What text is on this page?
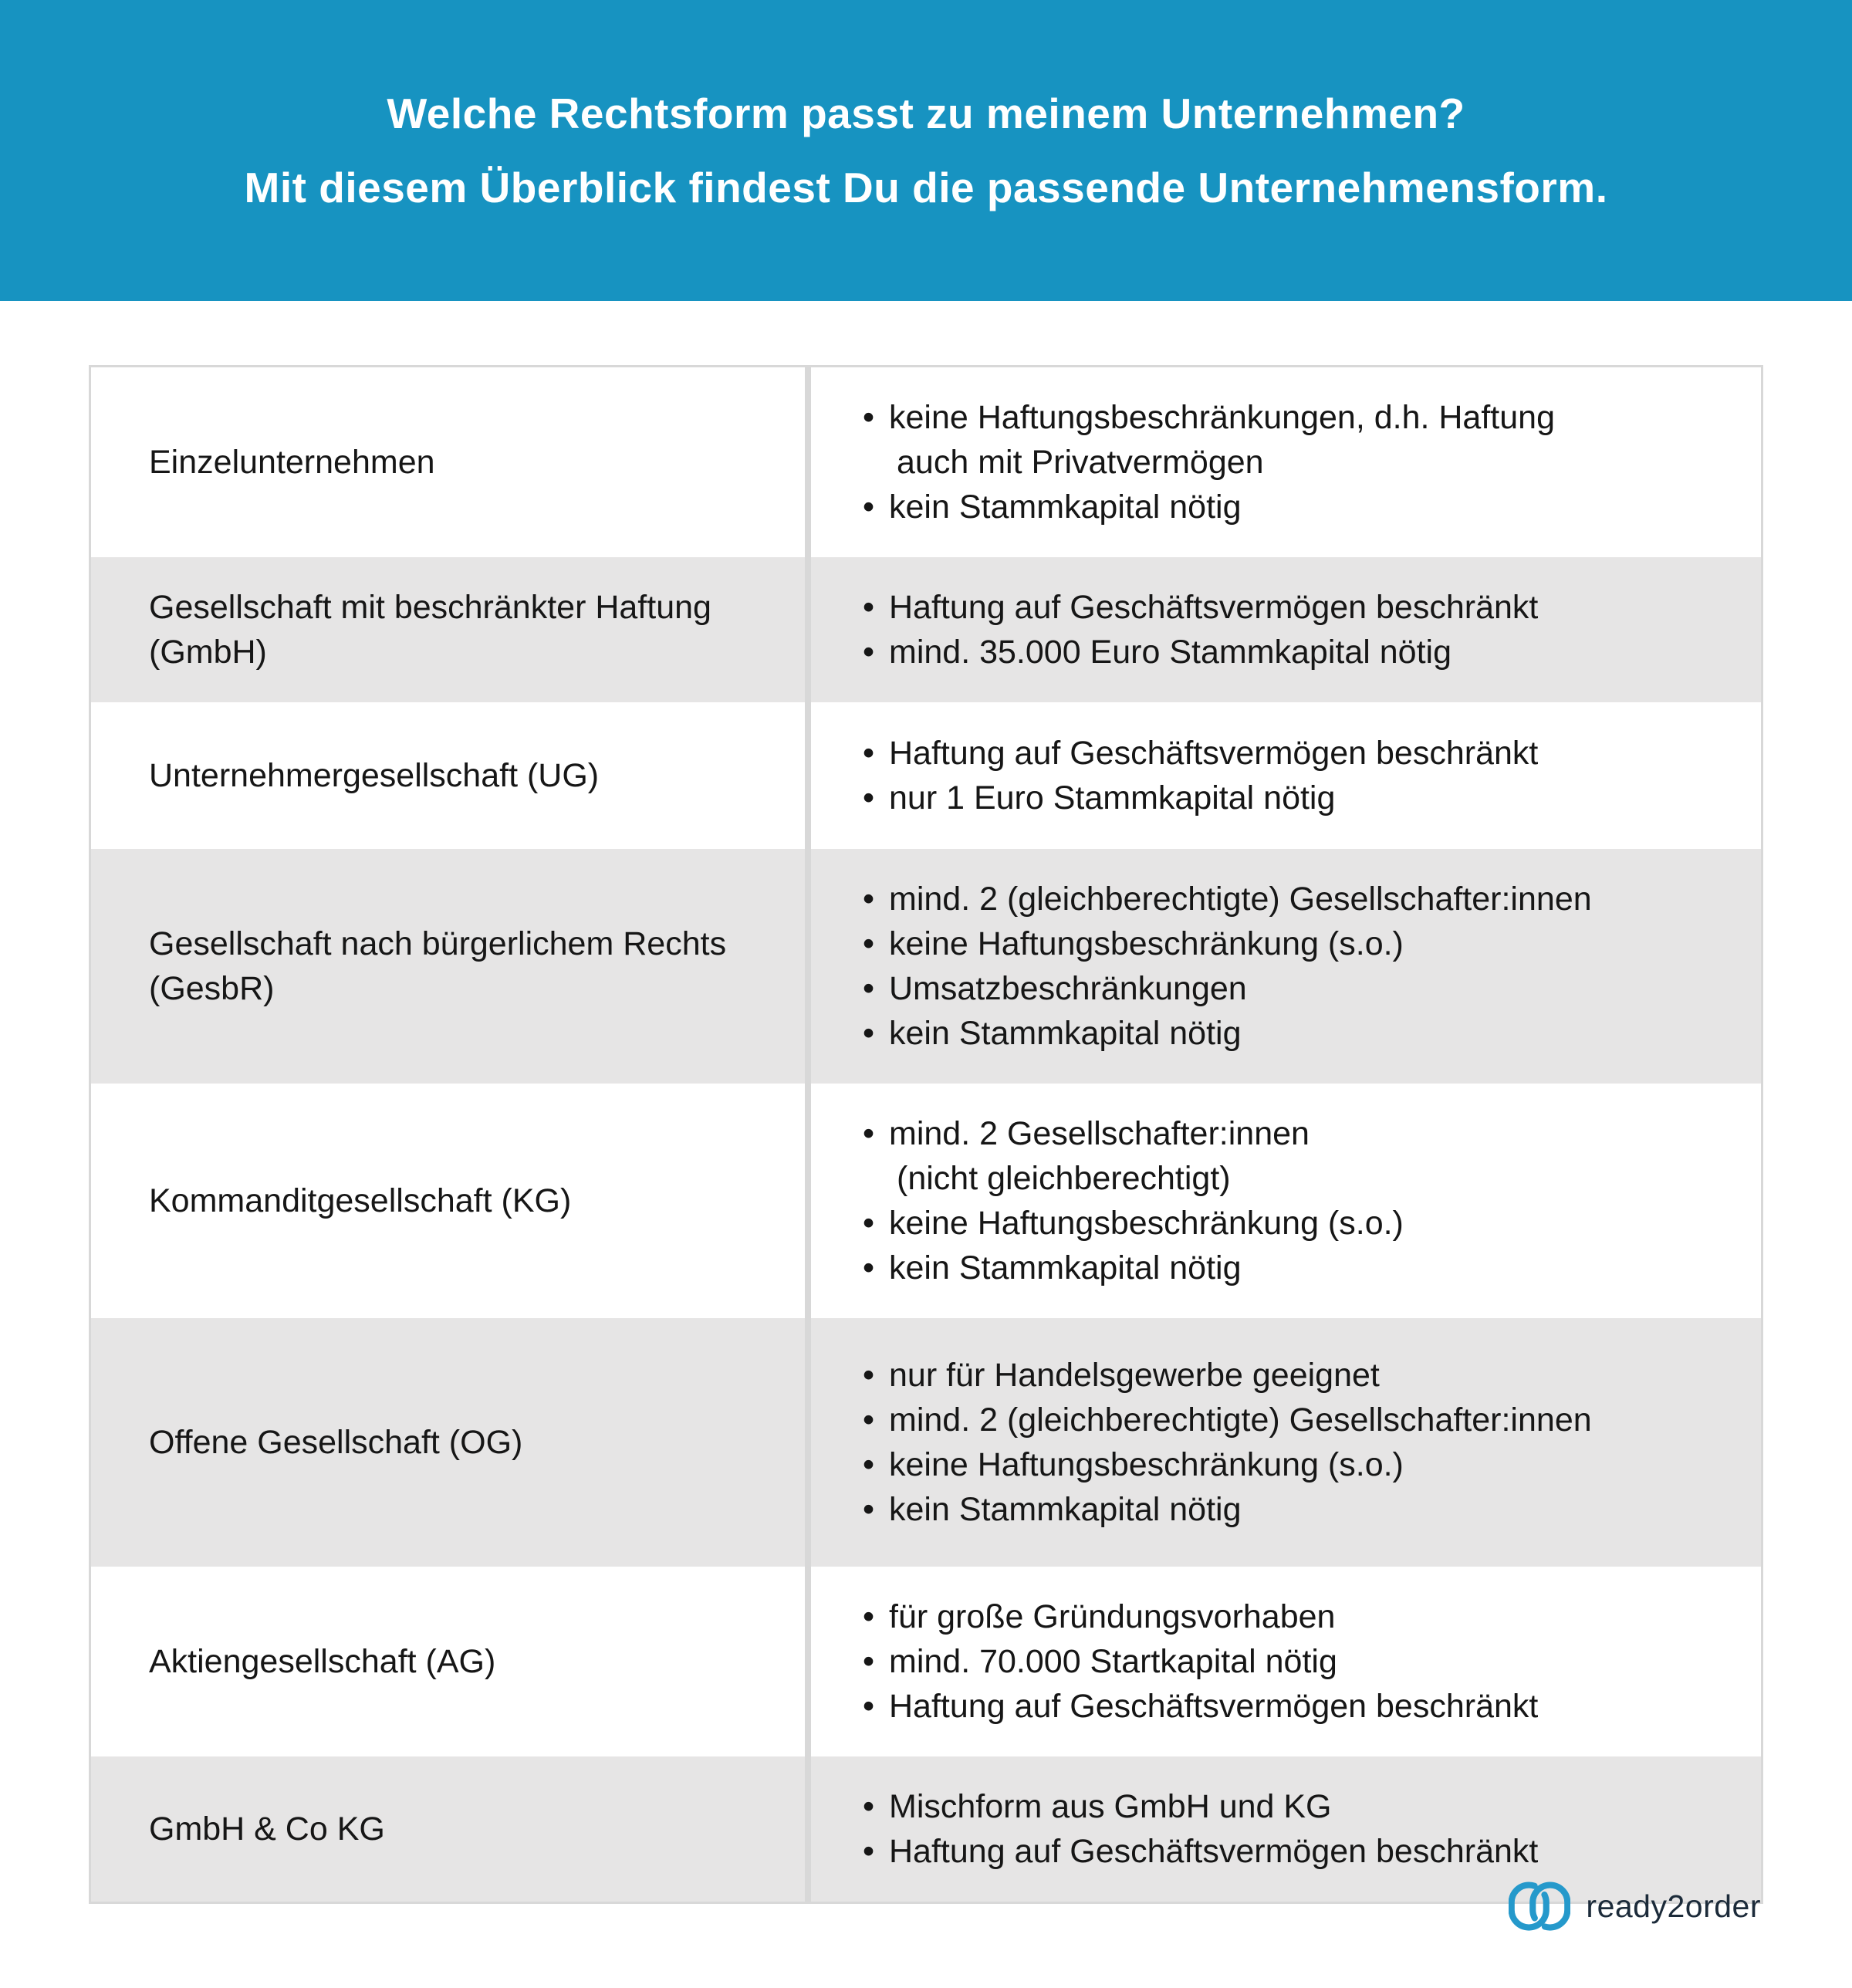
Welche Rechtsform passt zu meinem Unternehmen?
Mit diesem Überblick findest Du die passende Unternehmensform.
Einzelunternehmen
• keine Haftungsbeschränkungen, d.h. Haftung
auch mit Privatvermögen
• kein Stammkapital nötig
Gesellschaft mit beschränkter Haftung (GmbH)
• Haftung auf Geschäftsvermögen beschränkt
• mind. 35.000 Euro Stammkapital nötig
Unternehmergesellschaft (UG)
• Haftung auf Geschäftsvermögen beschränkt
• nur 1 Euro Stammkapital nötig
Gesellschaft nach bürgerlichem Rechts (GesbR)
• mind. 2 (gleichberechtigte) Gesellschafter:innen
• keine Haftungsbeschränkung (s.o.)
• Umsatzbeschränkungen
• kein Stammkapital nötig
Kommanditgesellschaft (KG)
• mind. 2 Gesellschafter:innen
(nicht gleichberechtigt)
• keine Haftungsbeschränkung (s.o.)
• kein Stammkapital nötig
Offene Gesellschaft (OG)
• nur für Handelsgewerbe geeignet
• mind. 2 (gleichberechtigte) Gesellschafter:innen
• keine Haftungsbeschränkung (s.o.)
• kein Stammkapital nötig
Aktiengesellschaft (AG)
• für große Gründungsvorhaben
• mind. 70.000 Startkapital nötig
• Haftung auf Geschäftsvermögen beschränkt
GmbH & Co KG
• Mischform aus GmbH und KG
• Haftung auf Geschäftsvermögen beschränkt
ready2order
